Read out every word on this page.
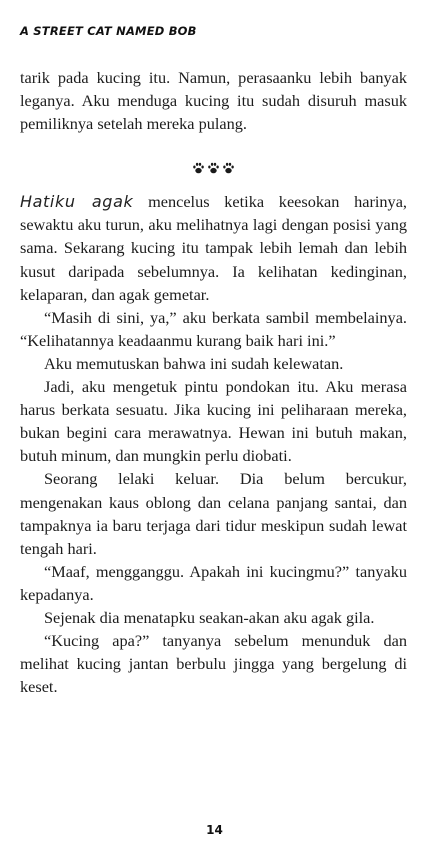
A STREET CAT NAMED BOB

tarik pada kucing itu. Namun, perasaanku lebih banyak leganya. Aku menduga kucing itu sudah disuruh masuk pemiliknya setelah mereka pulang.

Hatiku agak mencelus ketika keesokan harinya, sewaktu aku turun, aku melihatnya lagi dengan posisi yang sama. Sekarang kucing itu tampak lebih lemah dan lebih kusut daripada sebelumnya. Ia kelihatan kedinginan, kelaparan, dan agak gemetar.

“Masih di sini, ya,” aku berkata sambil membelainya. “Kelihatannya keadaanmu kurang baik hari ini.”

Aku memutuskan bahwa ini sudah kelewatan.

Jadi, aku mengetuk pintu pondokan itu. Aku merasa harus berkata sesuatu. Jika kucing ini peliharaan mereka, bukan begini cara merawatnya. Hewan ini butuh makan, butuh minum, dan mungkin perlu diobati.

Seorang lelaki keluar. Dia belum bercukur, mengenakan kaus oblong dan celana panjang santai, dan tampaknya ia baru terjaga dari tidur meskipun sudah lewat tengah hari.

“Maaf, mengganggu. Apakah ini kucingmu?” tanyaku kepadanya.

Sejenak dia menatapku seakan-akan aku agak gila.

“Kucing apa?” tanyanya sebelum menunduk dan melihat kucing jantan berbulu jingga yang bergelung di keset.

14
